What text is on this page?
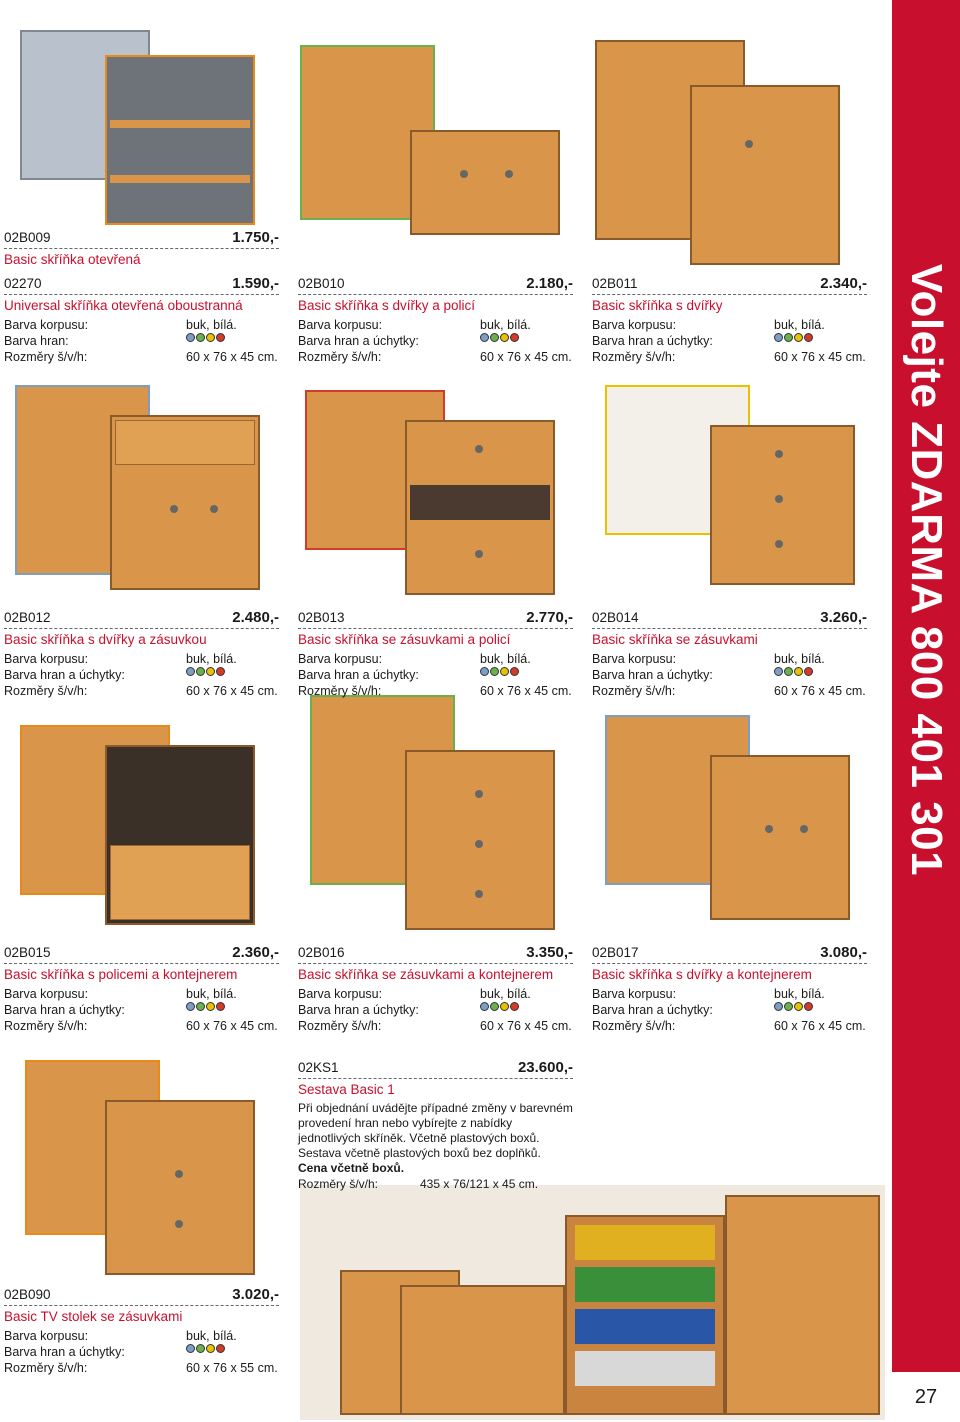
Volejte ZDARMA 800 401 301
27
02B009	1.750,-
Basic skříňka otevřená
02270	1.590,-
Universal skříňka otevřená oboustranná
Barva korpusu:	buk, bílá.
Barva hran:
Rozměry š/v/h:	60 x 76 x 45 cm.
02B010	2.180,-
Basic skříňka s dvířky a policí
Barva korpusu:	buk, bílá.
Barva hran a úchytky:
Rozměry š/v/h:	60 x 76 x 45 cm.
02B011	2.340,-
Basic skříňka s dvířky
Barva korpusu:	buk, bílá.
Barva hran a úchytky:
Rozměry š/v/h:	60 x 76 x 45 cm.
02B012	2.480,-
Basic skříňka s dvířky a zásuvkou
Barva korpusu:	buk, bílá.
Barva hran a úchytky:
Rozměry š/v/h:	60 x 76 x 45 cm.
02B013	2.770,-
Basic skříňka se zásuvkami a policí
Barva korpusu:	buk, bílá.
Barva hran a úchytky:
Rozměry š/v/h:	60 x 76 x 45 cm.
02B014	3.260,-
Basic skříňka se zásuvkami
Barva korpusu:	buk, bílá.
Barva hran a úchytky:
Rozměry š/v/h:	60 x 76 x 45 cm.
02B015	2.360,-
Basic skříňka s policemi a kontejnerem
Barva korpusu:	buk, bílá.
Barva hran a úchytky:
Rozměry š/v/h:	60 x 76 x 45 cm.
02B016	3.350,-
Basic skříňka se zásuvkami a kontejnerem
Barva korpusu:	buk, bílá.
Barva hran a úchytky:
Rozměry š/v/h:	60 x 76 x 45 cm.
02B017	3.080,-
Basic skříňka s dvířky a kontejnerem
Barva korpusu:	buk, bílá.
Barva hran a úchytky:
Rozměry š/v/h:	60 x 76 x 45 cm.
02B090	3.020,-
Basic TV stolek se zásuvkami
Barva korpusu:	buk, bílá.
Barva hran a úchytky:
Rozměry š/v/h:	60 x 76 x 55 cm.
02KS1	23.600,-
Sestava Basic 1
Při objednání uvádějte případné změny v barevném provedení hran nebo vybírejte z nabídky jednotlivých skříněk. Včetně plastových boxů. Sestava včetně plastových boxů bez doplňků. Cena včetně boxů.
Rozměry š/v/h:	435 x 76/121 x 45 cm.
